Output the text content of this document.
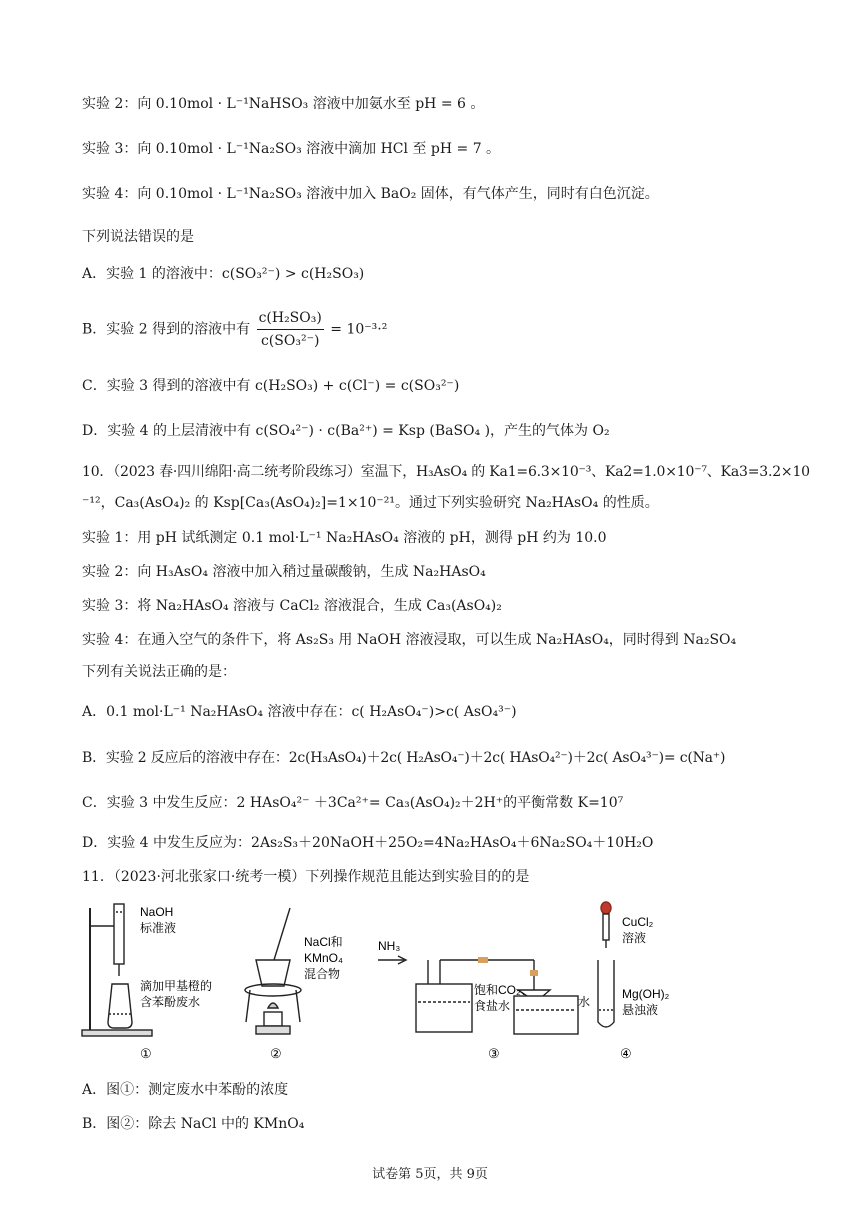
实验 2：向 0.10mol · L⁻¹NaHSO₃ 溶液中加氨水至 pH = 6 。
实验 3：向 0.10mol · L⁻¹Na₂SO₃ 溶液中滴加 HCl 至 pH = 7 。
实验 4：向 0.10mol · L⁻¹Na₂SO₃ 溶液中加入 BaO₂ 固体，有气体产生，同时有白色沉淀。
下列说法错误的是
A．实验 1 的溶液中：c(SO₃²⁻) > c(H₂SO₃)
B．实验 2 得到的溶液中有 $\frac{\text{c(H₂SO₃)}}{\text{c(SO₃²⁻)}} = 10^{-3}\cdot^2$
C．实验 3 得到的溶液中有 c(H₂SO₃) + c(Cl⁻) = c(SO₃²⁻)
D．实验 4 的上层清液中有 c(SO₄²⁻) · c(Ba²⁺) = Ksp (BaSO₄ )，产生的气体为 O₂
10．（2023 春·四川绵阳·高二统考阶段练习）室温下，H₃AsO₄ 的 Ka1=6.3×10⁻³、Ka2=1.0×10⁻⁷、Ka3=3.2×10
⁻¹²，Ca₃(AsO₄)₂ 的 Ksp[Ca₃(AsO₄)₂]=1×10⁻²¹。通过下列实验研究 Na₂HAsO₄ 的性质。
实验 1：用 pH 试纸测定 0.1 mol·L⁻¹ Na₂HAsO₄ 溶液的 pH，测得 pH 约为 10.0
实验 2：向 H₃AsO₄ 溶液中加入稍过量碳酸钠，生成 Na₂HAsO₄
实验 3：将 Na₂HAsO₄ 溶液与 CaCl₂ 溶液混合，生成 Ca₃(AsO₄)₂
实验 4：在通入空气的条件下，将 As₂S₃ 用 NaOH 溶液浸取，可以生成 Na₂HAsO₄，同时得到 Na₂SO₄
下列有关说法正确的是：
A．0.1 mol·L⁻¹ Na₂HAsO₄ 溶液中存在：c( H₂AsO₄⁻)>c( AsO₄³⁻)
B．实验 2 反应后的溶液中存在：2c(H₃AsO₄)＋2c( H₂AsO₄⁻)＋2c( HAsO₄²⁻)＋2c( AsO₄³⁻)= c(Na⁺)
C．实验 3 中发生反应：2 HAsO₄²⁻ ＋3Ca²⁺= Ca₃(AsO₄)₂＋2H⁺的平衡常数 K=10⁷
D．实验 4 中发生反应为：2As₂S₃＋20NaOH＋25O₂=4Na₂HAsO₄＋6Na₂SO₄＋10H₂O
11．（2023·河北张家口·统考一模）下列操作规范且能达到实验目的的是
NaOH
标准液
滴加甲基橙的
含苯酚废水
①
NaCl和
KMnO₄
混合物
②
NH₃
饱和CO₂、
食盐水	水
③
CuCl₂
溶液
Mg(OH)₂
悬浊液
④
A．图①：测定废水中苯酚的浓度
B．图②：除去 NaCl 中的 KMnO₄
试卷第 5页，共 9页
